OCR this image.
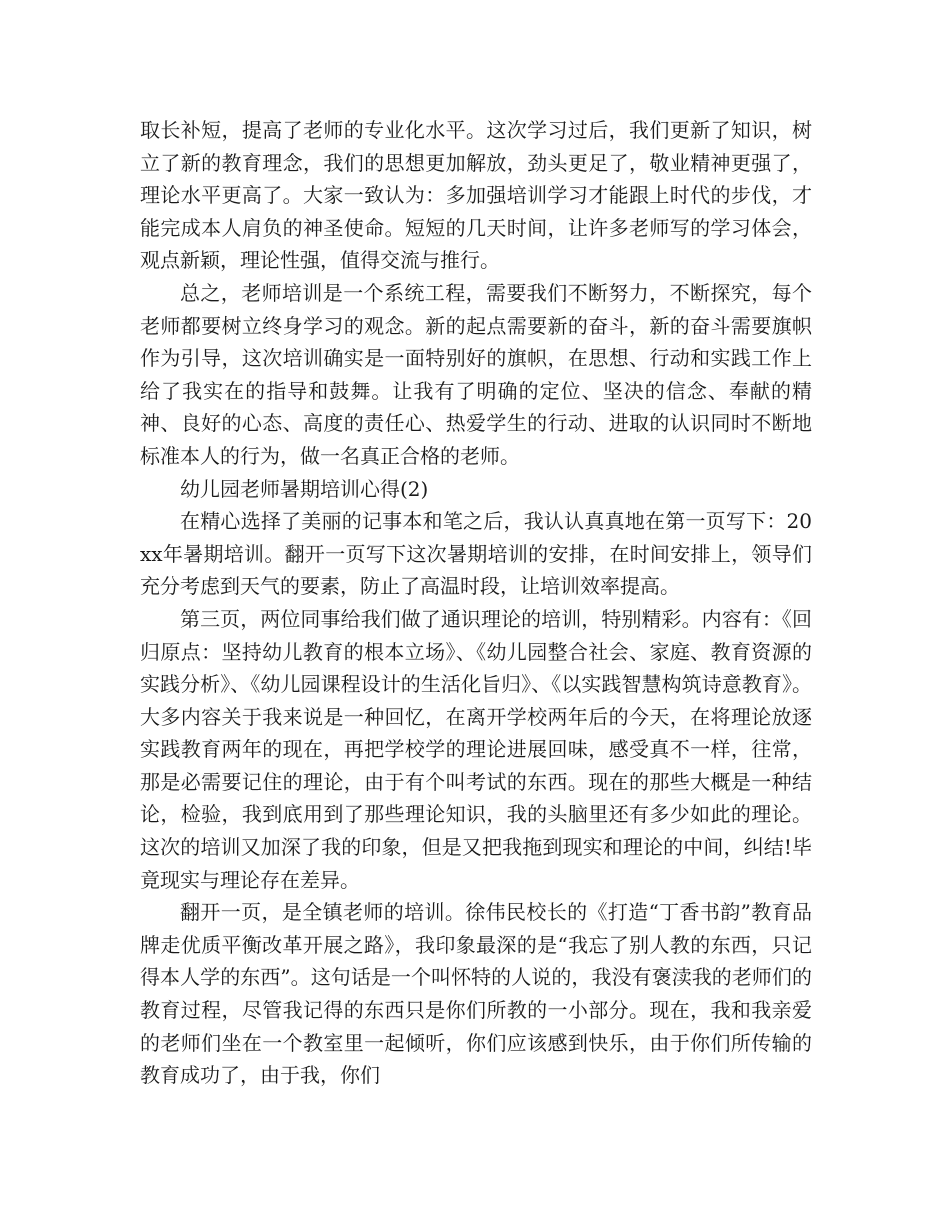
取长补短，提高了老师的专业化水平。这次学习过后，我们更新了知识，树立了新的教育理念，我们的思想更加解放，劲头更足了，敬业精神更强了，理论水平更高了。大家一致认为：多加强培训学习才能跟上时代的步伐，才能完成本人肩负的神圣使命。短短的几天时间，让许多老师写的学习体会，观点新颖，理论性强，值得交流与推行。

总之，老师培训是一个系统工程，需要我们不断努力，不断探究，每个老师都要树立终身学习的观念。新的起点需要新的奋斗，新的奋斗需要旗帜作为引导，这次培训确实是一面特别好的旗帜，在思想、行动和实践工作上给了我实在的指导和鼓舞。让我有了明确的定位、坚决的信念、奉献的精神、良好的心态、高度的责任心、热爱学生的行动、进取的认识同时不断地标准本人的行为，做一名真正合格的老师。

幼儿园老师暑期培训心得(2)

在精心选择了美丽的记事本和笔之后，我认认真真地在第一页写下：20xx年暑期培训。翻开一页写下这次暑期培训的安排，在时间安排上，领导们充分考虑到天气的要素，防止了高温时段，让培训效率提高。

第三页，两位同事给我们做了通识理论的培训，特别精彩。内容有：《回归原点：坚持幼儿教育的根本立场》、《幼儿园整合社会、家庭、教育资源的实践分析》、《幼儿园课程设计的生活化旨归》、《以实践智慧构筑诗意教育》。大多内容关于我来说是一种回忆，在离开学校两年后的今天，在将理论放逐实践教育两年的现在，再把学校学的理论进展回味，感受真不一样，往常，那是必需要记住的理论，由于有个叫考试的东西。现在的那些大概是一种结论，检验，我到底用到了那些理论知识，我的头脑里还有多少如此的理论。这次的培训又加深了我的印象，但是又把我拖到现实和理论的中间，纠结!毕竟现实与理论存在差异。

翻开一页，是全镇老师的培训。徐伟民校长的《打造“丁香书韵”教育品牌走优质平衡改革开展之路》，我印象最深的是“我忘了别人教的东西，只记得本人学的东西”。这句话是一个叫怀特的人说的，我没有褒渎我的老师们的教育过程，尽管我记得的东西只是你们所教的一小部分。现在，我和我亲爱的老师们坐在一个教室里一起倾听，你们应该感到快乐，由于你们所传输的教育成功了，由于我，你们
